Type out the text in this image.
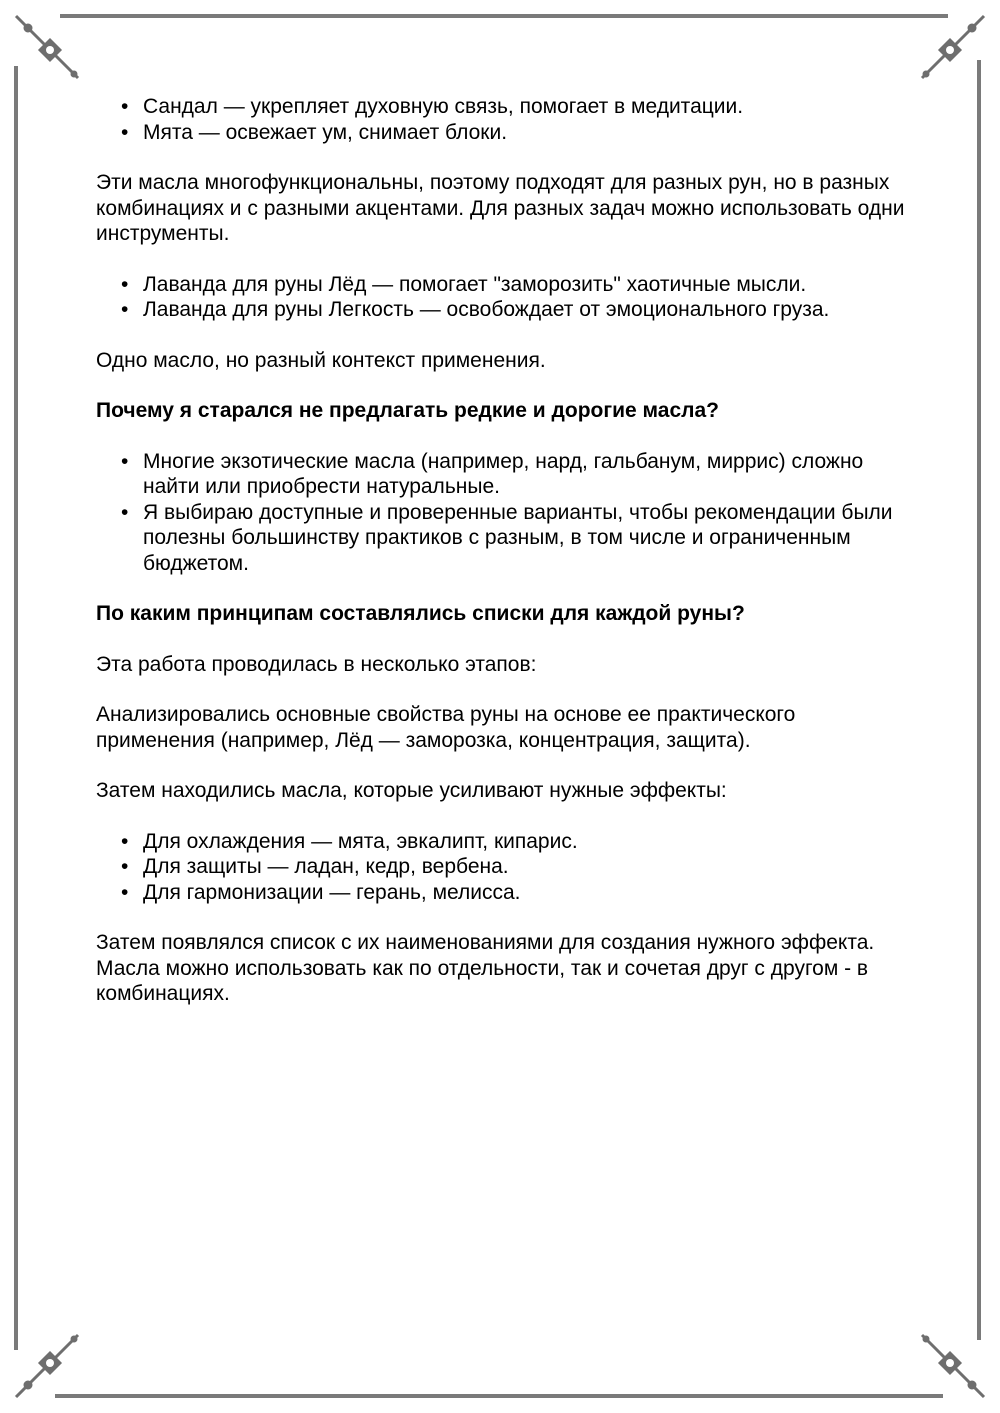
• Сандал — укрепляет духовную связь, помогает в медитации.
• Мята — освежает ум, снимает блоки.

Эти масла многофункциональны, поэтому подходят для разных рун, но в разных комбинациях и с разными акцентами. Для разных задач можно использовать одни инструменты.

• Лаванда для руны Лёд — помогает "заморозить" хаотичные мысли.
• Лаванда для руны Легкость — освобождает от эмоционального груза.

Одно масло, но разный контекст применения.

Почему я старался не предлагать редкие и дорогие масла?
• Многие экзотические масла (например, нард, гальбанум, миррис) сложно найти или приобрести натуральные.
• Я выбираю доступные и проверенные варианты, чтобы рекомендации были полезны большинству практиков с разным, в том числе и ограниченным бюджетом.
По каким принципам составлялись списки для каждой руны?

Эта работа проводилась в несколько этапов:

Анализировались основные свойства руны на основе ее практического применения (например, Лёд — заморозка, концентрация, защита).

Затем находились масла, которые усиливают нужные эффекты:

• Для охлаждения — мята, эвкалипт, кипарис.
• Для защиты — ладан, кедр, вербена.
• Для гармонизации — герань, мелисса.

Затем появлялся список с их наименованиями для создания нужного эффекта. Масла можно использовать как по отдельности, так и сочетая друг с другом - в комбинациях.
